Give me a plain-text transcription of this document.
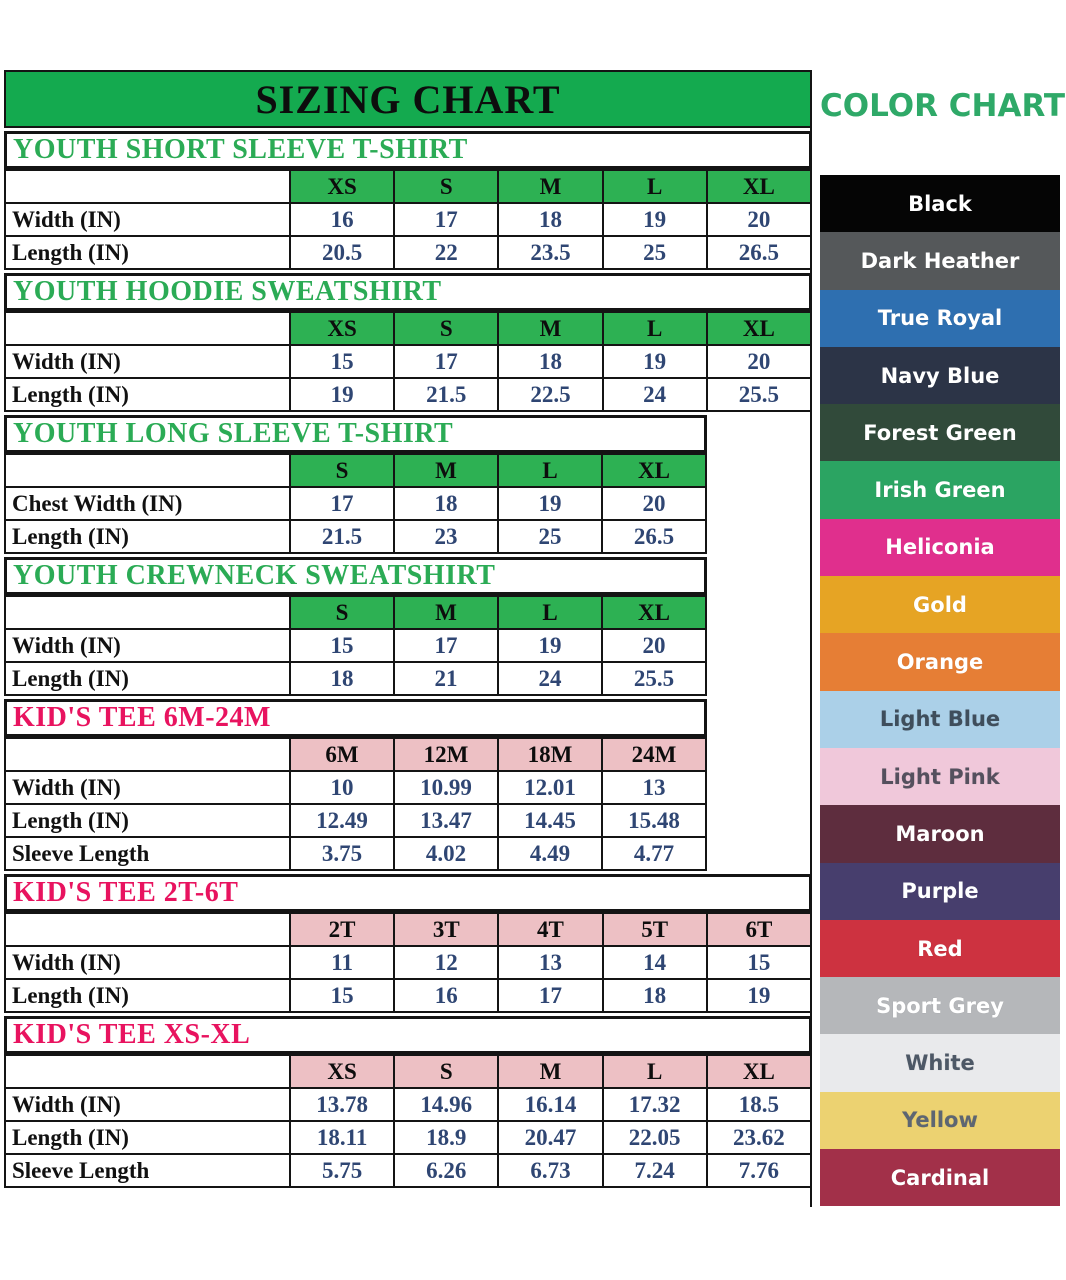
SIZING CHART
YOUTH SHORT SLEEVE T-SHIRT
	XS	S	M	L	XL
Width (IN)	16	17	18	19	20
Length (IN)	20.5	22	23.5	25	26.5
YOUTH HOODIE SWEATSHIRT
	XS	S	M	L	XL
Width (IN)	15	17	18	19	20
Length (IN)	19	21.5	22.5	24	25.5
YOUTH LONG SLEEVE T-SHIRT
	S	M	L	XL
Chest Width (IN)	17	18	19	20
Length (IN)	21.5	23	25	26.5
YOUTH CREWNECK SWEATSHIRT
	S	M	L	XL
Width (IN)	15	17	19	20
Length (IN)	18	21	24	25.5
KID'S TEE 6M-24M
	6M	12M	18M	24M
Width (IN)	10	10.99	12.01	13
Length (IN)	12.49	13.47	14.45	15.48
Sleeve Length	3.75	4.02	4.49	4.77
KID'S TEE 2T-6T
	2T	3T	4T	5T	6T
Width (IN)	11	12	13	14	15
Length (IN)	15	16	17	18	19
KID'S TEE XS-XL
	XS	S	M	L	XL
Width (IN)	13.78	14.96	16.14	17.32	18.5
Length (IN)	18.11	18.9	20.47	22.05	23.62
Sleeve Length	5.75	6.26	6.73	7.24	7.76
COLOR CHART
Black
Dark Heather
True Royal
Navy Blue
Forest Green
Irish Green
Heliconia
Gold
Orange
Light Blue
Light Pink
Maroon
Purple
Red
Sport Grey
White
Yellow
Cardinal
